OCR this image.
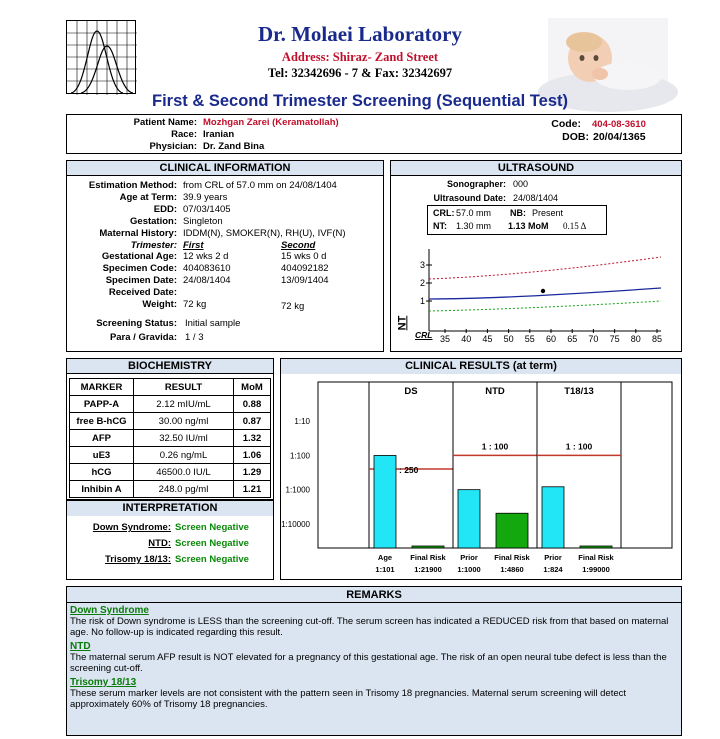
Dr. Molaei Laboratory
Address: Shiraz- Zand Street
Tel: 32342696 - 7 & Fax: 32342697
First & Second Trimester Screening (Sequential Test)
Patient Name: Mozhgan Zarei (Keramatollah)
Race: Iranian
Physician: Dr. Zand Bina
Code: 404-08-3610
DOB: 20/04/1365
CLINICAL INFORMATION
Estimation Method: from CRL of 57.0 mm on 24/08/1404
Age at Term: 39.9 years
EDD: 07/03/1405
Gestation: Singleton
Maternal History: IDDM(N), SMOKER(N), RH(U), IVF(N)
Trimester: First	Second
Gestational Age: 12 wks 2 d	15 wks 0 d
Specimen Code: 404083610	404092182
Specimen Date: 24/08/1404	13/09/1404
Received Date:
Weight: 72 kg	72 kg
Screening Status: Initial sample
Para / Gravida: 1 / 3
ULTRASOUND
Sonographer: 000
Ultrasound Date: 24/08/1404
CRL: 57.0 mm NB: Present
NT: 1.30 mm 1.13 MoM 0.15 Δ
NT
CRL
3
2
1
35 40 45 50 55 60 65 70 75 80 85
BIOCHEMISTRY
MARKER	RESULT	MoM
PAPP-A	2.12 mIU/mL	0.88
free B-hCG	30.00 ng/ml	0.87
AFP	32.50 IU/ml	1.32
uE3	0.26 ng/mL	1.06
hCG	46500.0 IU/L	1.29
Inhibin A	248.0 pg/ml	1.21
INTERPRETATION
Down Syndrome: Screen Negative
NTD: Screen Negative
Trisomy 18/13: Screen Negative
CLINICAL RESULTS (at term)
1:10
1:100
1:1000
1:10000
DS
: 250
Age
1:101
Final Risk
1:21900
NTD
1 : 100
Prior
1:1000
Final Risk
1:4860
T18/13
1 : 100
Prior
1:824
Final Risk
1:99000
REMARKS
Down Syndrome
The risk of Down syndrome is LESS than the screening cut-off. The serum screen has indicated a REDUCED risk from that based on maternal age. No follow-up is indicated regarding this result.
NTD
The maternal serum AFP result is NOT elevated for a pregnancy of this gestational age. The risk of an open neural tube defect is less than the screening cut-off.
Trisomy 18/13
These serum marker levels are not consistent with the pattern seen in Trisomy 18 pregnancies. Maternal serum screening will detect approximately 60% of Trisomy 18 pregnancies.
